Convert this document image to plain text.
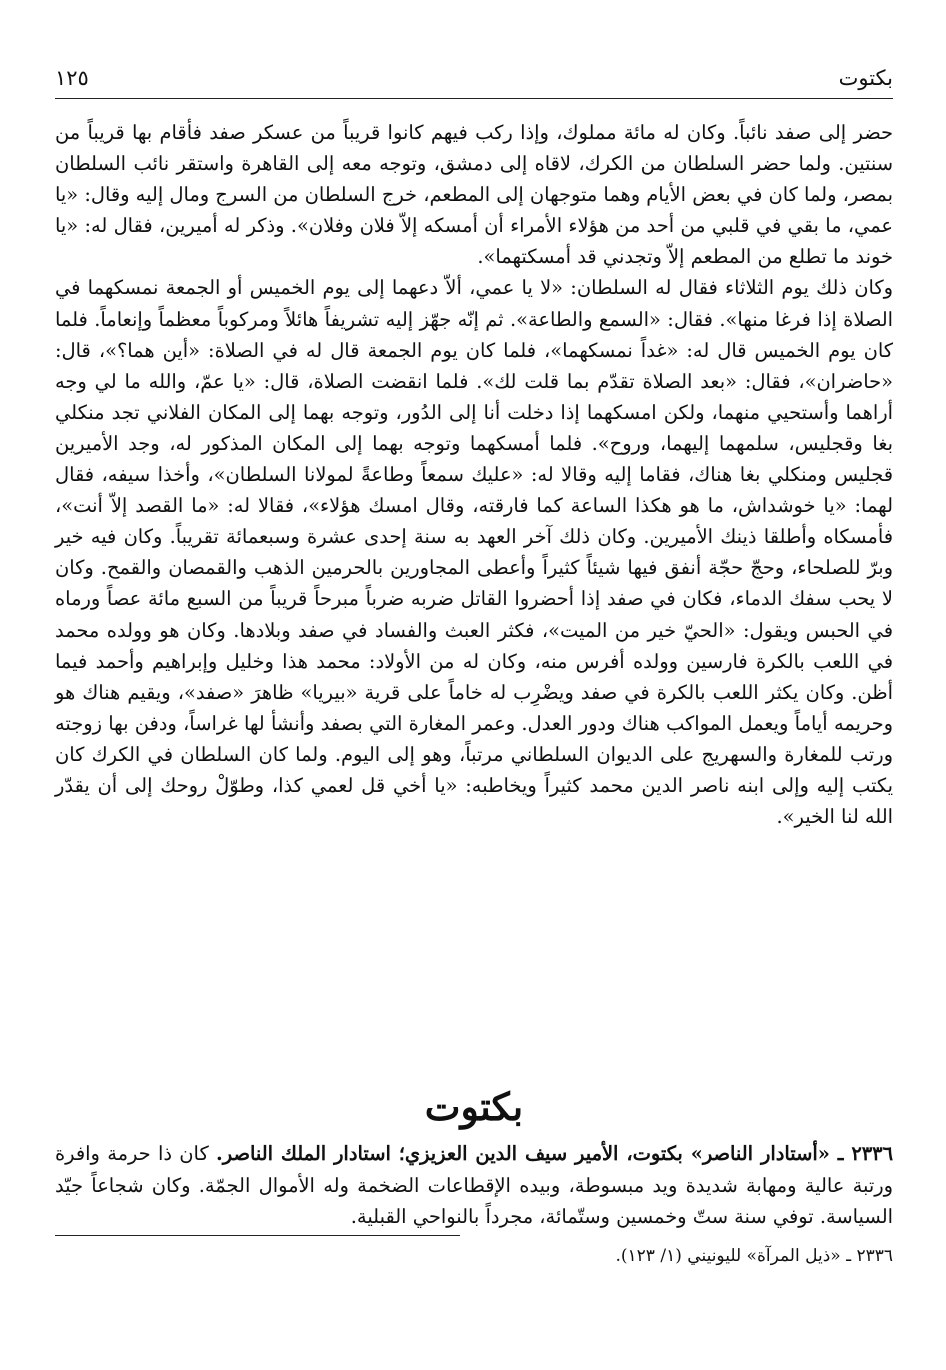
بكتوت
١٢٥
حضر إلى صفد نائباً. وكان له مائة مملوك، وإذا ركب فيهم كانوا قريباً من عسكر صفد فأقام بها قريباً من سنتين. ولما حضر السلطان من الكرك، لاقاه إلى دمشق، وتوجه معه إلى القاهرة واستقر نائب السلطان بمصر، ولما كان في بعض الأيام وهما متوجهان إلى المطعم، خرج السلطان من السرج ومال إليه وقال: «يا عمي، ما بقي في قلبي من أحد من هؤلاء الأمراء أن أمسكه إلاّ فلان وفلان». وذكر له أميرين، فقال له: «يا خوند ما تطلع من المطعم إلاّ وتجدني قد أمسكتهما».
وكان ذلك يوم الثلاثاء فقال له السلطان: «لا يا عمي، ألاّ دعهما إلى يوم الخميس أو الجمعة نمسكهما في الصلاة إذا فرغا منها». فقال: «السمع والطاعة». ثم إنّه جهّز إليه تشريفاً هائلاً ومركوباً معظماً وإنعاماً. فلما كان يوم الخميس قال له: «غداً نمسكهما»، فلما كان يوم الجمعة قال له في الصلاة: «أين هما؟»، قال: «حاضران»، فقال: «بعد الصلاة تقدّم بما قلت لك». فلما انقضت الصلاة، قال: «يا عمّ، والله ما لي وجه أراهما وأستحيي منهما، ولكن امسكهما إذا دخلت أنا إلى الدُور، وتوجه بهما إلى المكان الفلاني تجد منكلي بغا وقجليس، سلمهما إليهما، وروح». فلما أمسكهما وتوجه بهما إلى المكان المذكور له، وجد الأميرين قجليس ومنكلي بغا هناك، فقاما إليه وقالا له: «عليك سمعاً وطاعةً لمولانا السلطان»، وأخذا سيفه، فقال لهما: «يا خوشداش، ما هو هكذا الساعة كما فارقته، وقال امسك هؤلاء»، فقالا له: «ما القصد إلاّ أنت»، فأمسكاه وأطلقا ذينك الأميرين. وكان ذلك آخر العهد به سنة إحدى عشرة وسبعمائة تقريباً. وكان فيه خير وبرّ للصلحاء، وحجّ حجّة أنفق فيها شيئاً كثيراً وأعطى المجاورين بالحرمين الذهب والقمصان والقمح. وكان لا يحب سفك الدماء، فكان في صفد إذا أحضروا القاتل ضربه ضرباً مبرحاً قريباً من السبع مائة عصاً ورماه في الحبس ويقول: «الحيّ خير من الميت»، فكثر العبث والفساد في صفد وبلادها. وكان هو وولده محمد في اللعب بالكرة فارسين وولده أفرس منه، وكان له من الأولاد: محمد هذا وخليل وإبراهيم وأحمد فيما أظن. وكان يكثر اللعب بالكرة في صفد ويضْرِب له خاماً على قرية «بيريا» ظاهرَ «صفد»، ويقيم هناك هو وحريمه أياماً ويعمل المواكب هناك ودور العدل. وعمر المغارة التي بصفد وأنشأ لها غراساً، ودفن بها زوجته ورتب للمغارة والسهريج على الديوان السلطاني مرتباً، وهو إلى اليوم. ولما كان السلطان في الكرك كان يكتب إليه وإلى ابنه ناصر الدين محمد كثيراً ويخاطبه: «يا أخي قل لعمي كذا، وطوّلْ روحك إلى أن يقدّر الله لنا الخير».
بكتوت
٢٣٣٦ ـ «أستادار الناصر» بكتوت، الأمير سيف الدين العزيزي؛ استادار الملك الناصر. كان ذا حرمة وافرة ورتبة عالية ومهابة شديدة ويد مبسوطة، وبيده الإقطاعات الضخمة وله الأموال الجمّة. وكان شجاعاً جيّد السياسة. توفي سنة ستّ وخمسين وستّمائة، مجرداً بالنواحي القبلية.
٢٣٣٦ ـ «ذيل المرآة» لليونيني (١/ ١٢٣).
